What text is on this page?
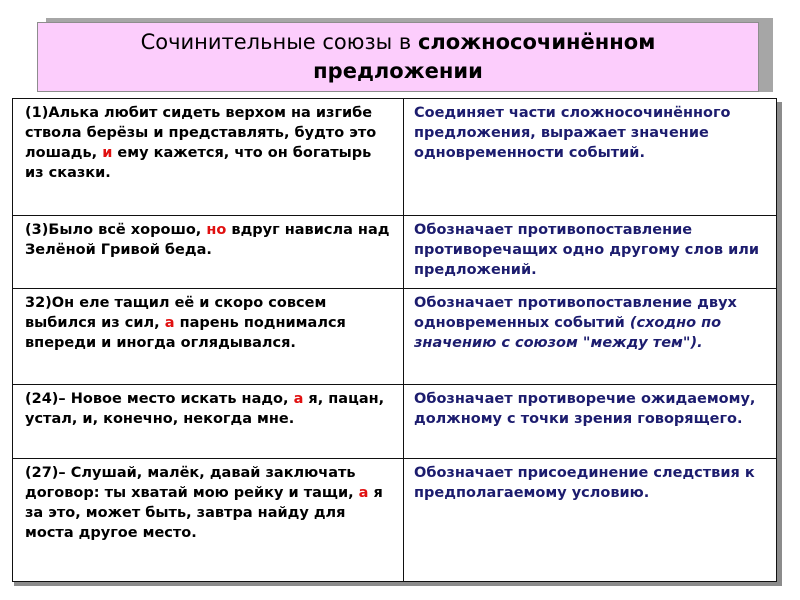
Сочинительные союзы в сложносочинённом
предложении
(1)Алька любит сидеть верхом на изгибе ствола берёзы и представлять, будто это лошадь, и ему кажется, что он богатырь из сказки.	Соединяет части сложносочинённого предложения, выражает значение одновременности событий.
(3)Было всё хорошо, но вдруг нависла над Зелёной Гривой беда.	Обозначает противопоставление противоречащих одно другому слов или предложений.
32)Он еле тащил её и скоро совсем выбился из сил, а парень поднимался впереди и иногда оглядывался.	Обозначает противопоставление двух одновременных событий (сходно по значению с союзом "между тем").
(24)– Новое место искать надо, а я, пацан, устал, и, конечно, некогда мне.	Обозначает противоречие ожидаемому, должному с точки зрения говорящего.
(27)– Слушай, малёк, давай заключать договор: ты хватай мою рейку и тащи, а я за это, может быть, завтра найду для моста другое место.	Обозначает присоединение следствия к предполагаемому условию.
